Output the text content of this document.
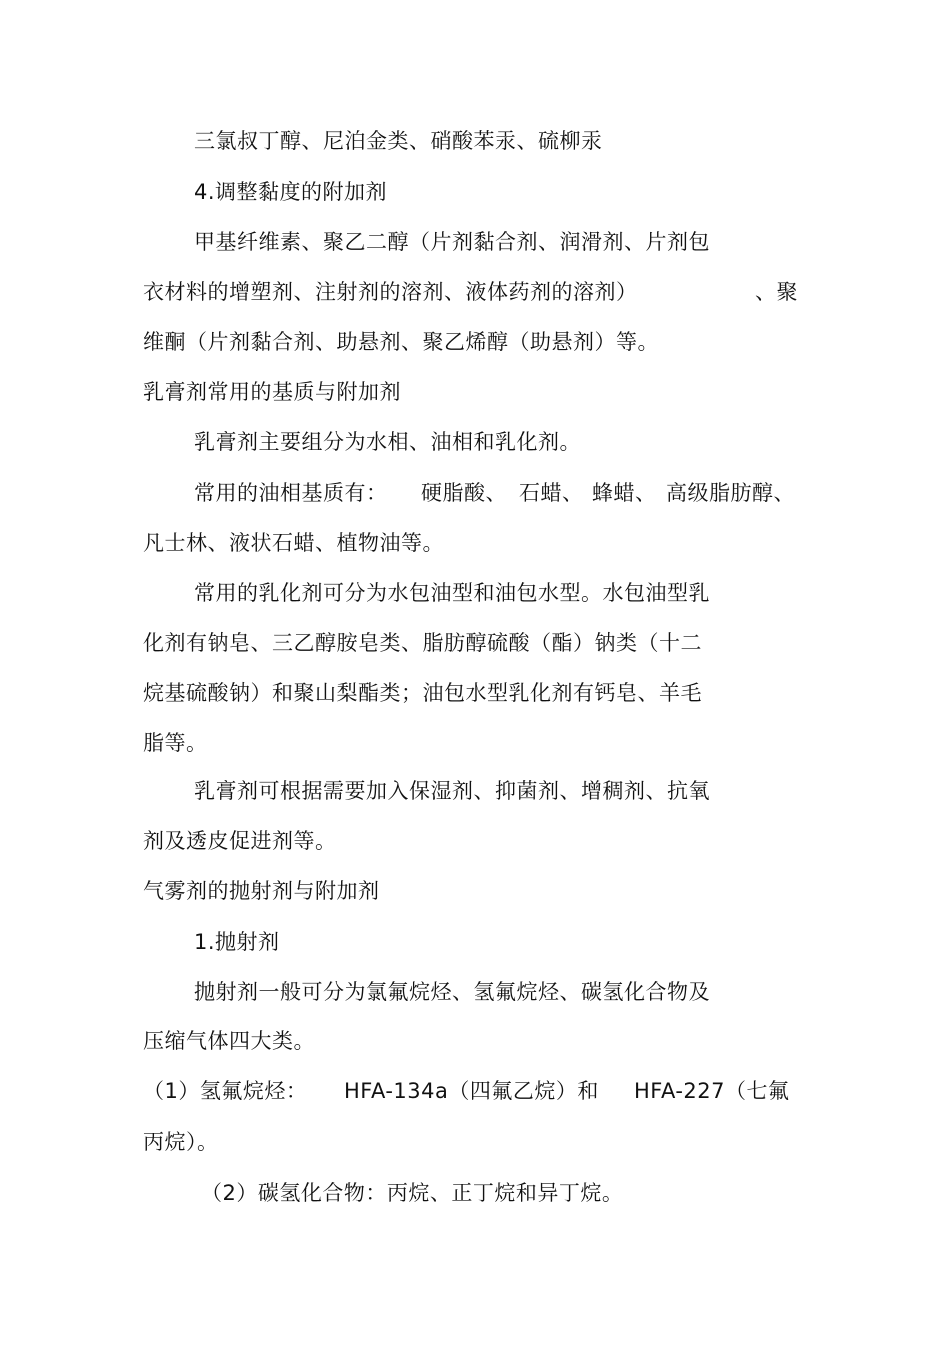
三氯叔丁醇、尼泊金类、硝酸苯汞、硫柳汞
4.调整黏度的附加剂
甲基纤维素、聚乙二醇（片剂黏合剂、润滑剂、片剂包
衣材料的增塑剂、注射剂的溶剂、液体药剂的溶剂）	、聚
维酮（片剂黏合剂、助悬剂、聚乙烯醇（助悬剂）等。
乳膏剂常用的基质与附加剂
乳膏剂主要组分为水相、油相和乳化剂。
常用的油相基质有： 硬脂酸、 石蜡、 蜂蜡、 高级脂肪醇、
凡士林、液状石蜡、植物油等。
常用的乳化剂可分为水包油型和油包水型。水包油型乳
化剂有钠皂、三乙醇胺皂类、脂肪醇硫酸（酯）钠类（十二
烷基硫酸钠）和聚山梨酯类；油包水型乳化剂有钙皂、羊毛
脂等。
乳膏剂可根据需要加入保湿剂、抑菌剂、增稠剂、抗氧
剂及透皮促进剂等。
气雾剂的抛射剂与附加剂
1.抛射剂
抛射剂一般可分为氯氟烷烃、氢氟烷烃、碳氢化合物及
压缩气体四大类。
（1）氢氟烷烃： HFA-134a（四氟乙烷）和 HFA-227（七氟
丙烷）。
（2）碳氢化合物：丙烷、正丁烷和异丁烷。
